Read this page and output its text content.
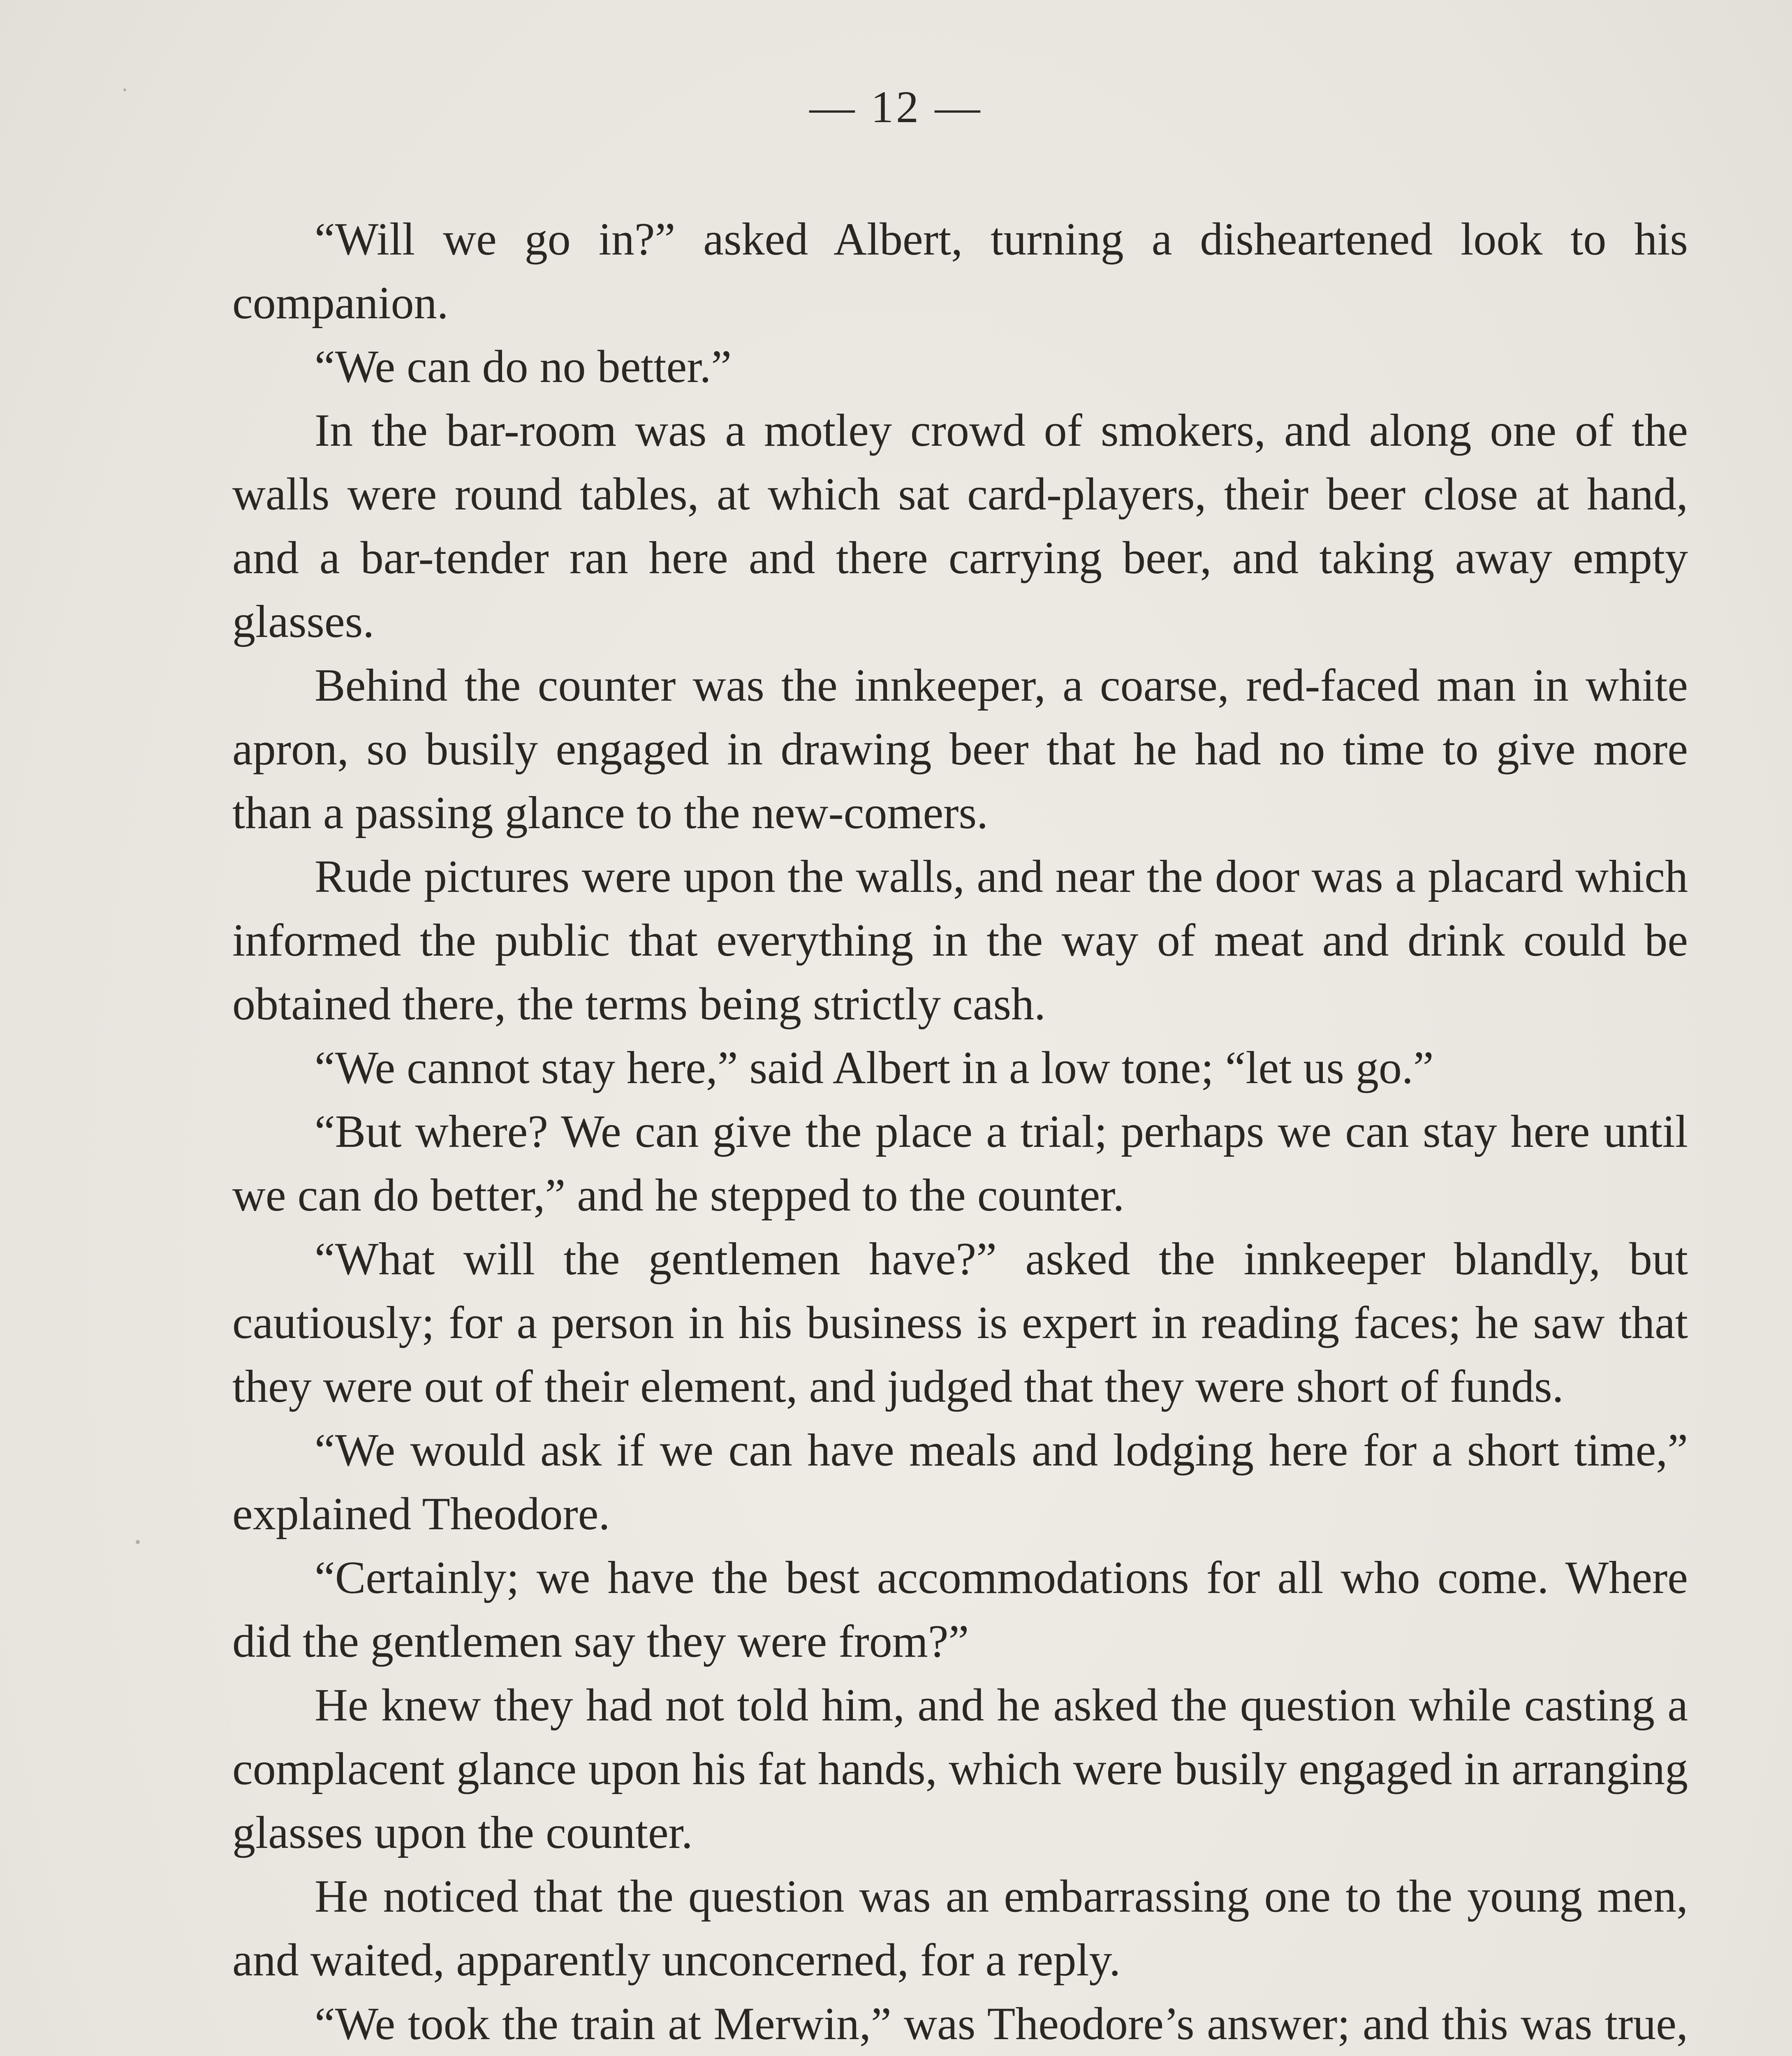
— 12 —

“Will we go in?” asked Albert, turning a disheartened look to his companion.

“We can do no better.”

In the bar-room was a motley crowd of smokers, and along one of the walls were round tables, at which sat card-players, their beer close at hand, and a bar-tender ran here and there carrying beer, and taking away empty glasses.

Behind the counter was the innkeeper, a coarse, red-faced man in white apron, so busily engaged in drawing beer that he had no time to give more than a passing glance to the new-comers.

Rude pictures were upon the walls, and near the door was a placard which informed the public that everything in the way of meat and drink could be obtained there, the terms being strictly cash.

“We cannot stay here,” said Albert in a low tone; “let us go.”

“But where? We can give the place a trial; perhaps we can stay here until we can do better,” and he stepped to the counter.

“What will the gentlemen have?” asked the innkeeper blandly, but cautiously; for a person in his business is expert in reading faces; he saw that they were out of their element, and judged that they were short of funds.

“We would ask if we can have meals and lodging here for a short time,” explained Theodore.

“Certainly; we have the best accommodations for all who come. Where did the gentlemen say they were from?”

He knew they had not told him, and he asked the question while casting a complacent glance upon his fat hands, which were busily engaged in arranging glasses upon the counter.

He noticed that the question was an embarrassing one to the young men, and waited, apparently unconcerned, for a reply.

“We took the train at Merwin,” was Theodore’s answer; and this was true,
